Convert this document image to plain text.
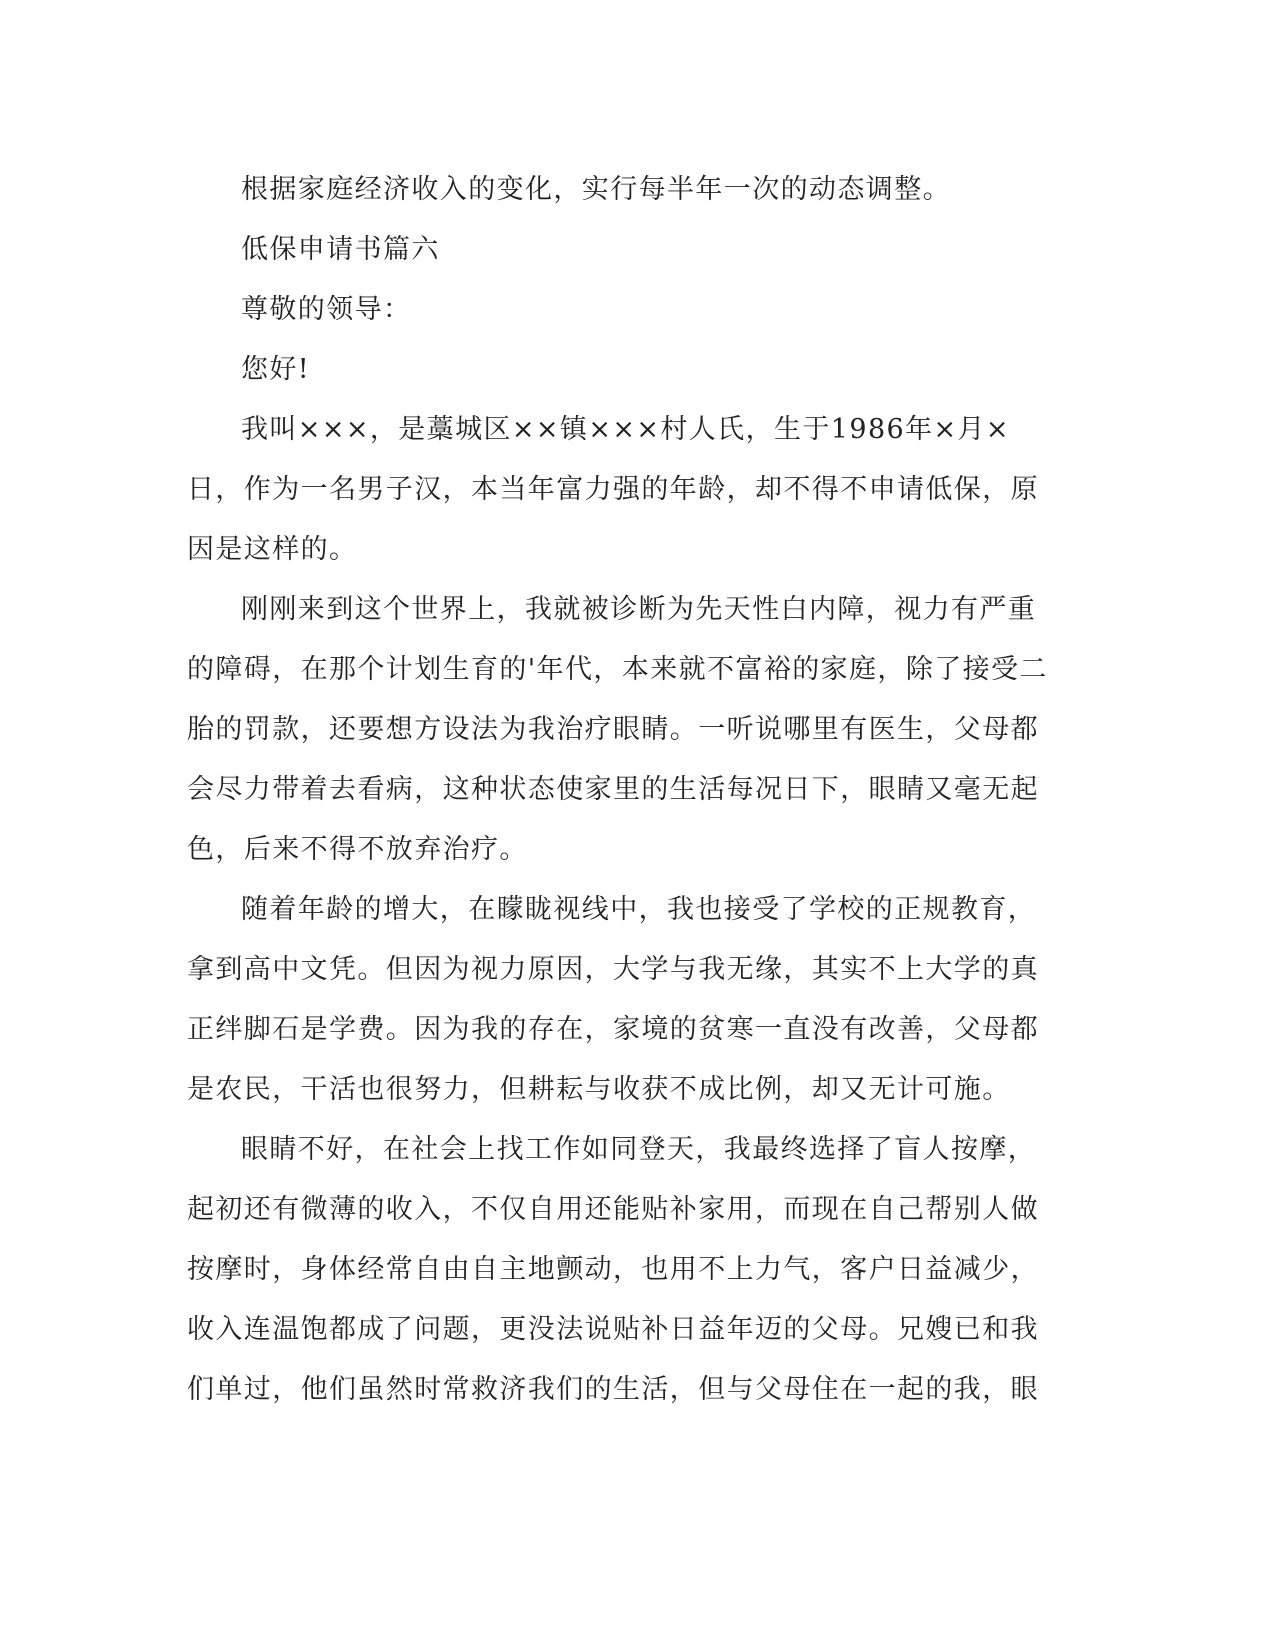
根据家庭经济收入的变化，实行每半年一次的动态调整。

低保申请书篇六

尊敬的领导：

您好!

我叫×××，是藁城区××镇×××村人氏，生于1986年×月×日，作为一名男子汉，本当年富力强的年龄，却不得不申请低保，原因是这样的。

刚刚来到这个世界上，我就被诊断为先天性白内障，视力有严重的障碍，在那个计划生育的'年代，本来就不富裕的家庭，除了接受二胎的罚款，还要想方设法为我治疗眼睛。一听说哪里有医生，父母都会尽力带着去看病，这种状态使家里的生活每况日下，眼睛又毫无起色，后来不得不放弃治疗。

随着年龄的增大，在矇眬视线中，我也接受了学校的正规教育，拿到高中文凭。但因为视力原因，大学与我无缘，其实不上大学的真正绊脚石是学费。因为我的存在，家境的贫寒一直没有改善，父母都是农民，干活也很努力，但耕耘与收获不成比例，却又无计可施。

眼睛不好，在社会上找工作如同登天，我最终选择了盲人按摩，起初还有微薄的收入，不仅自用还能贴补家用，而现在自己帮别人做按摩时，身体经常自由自主地颤动，也用不上力气，客户日益减少，收入连温饱都成了问题，更没法说贴补日益年迈的父母。兄嫂已和我们单过，他们虽然时常救济我们的生活，但与父母住在一起的我，眼
